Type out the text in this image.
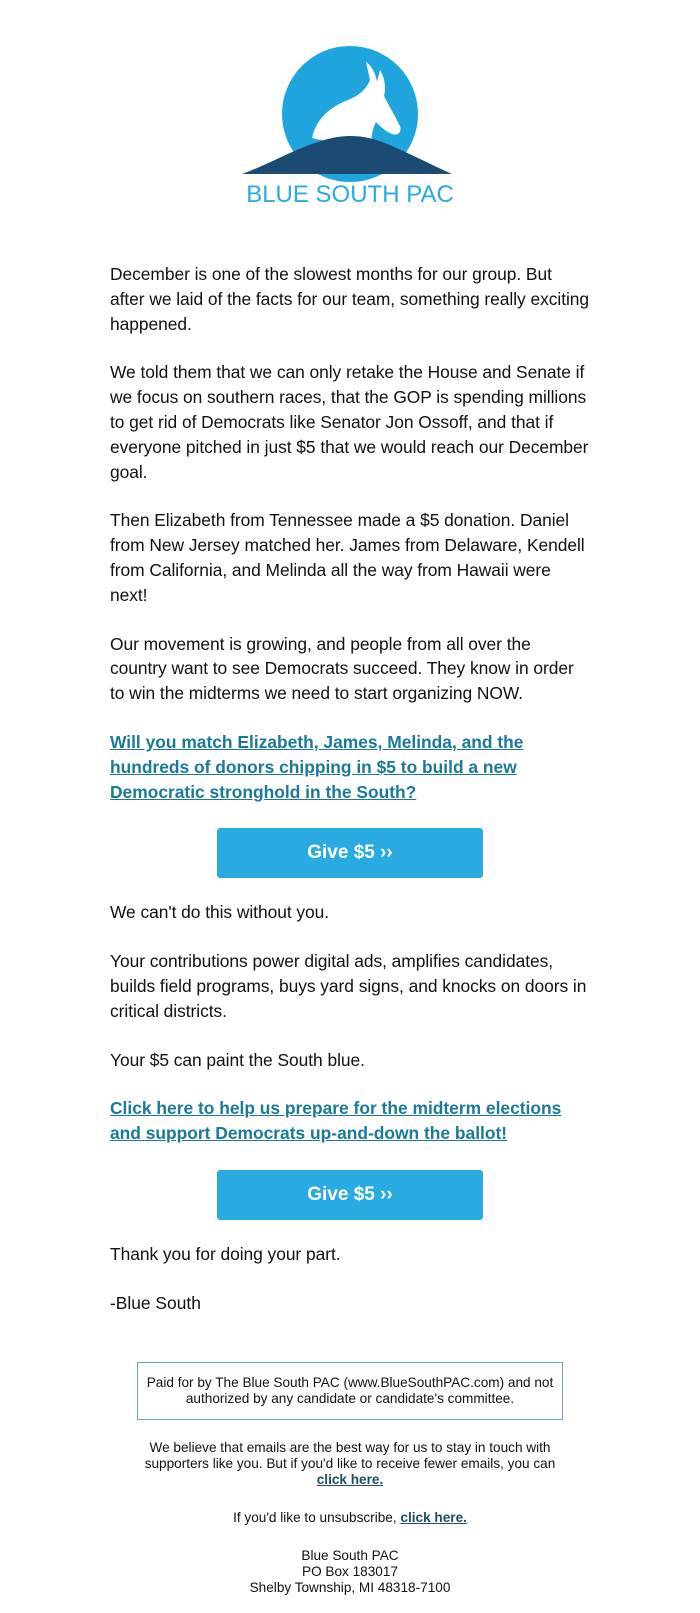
BLUE SOUTH PAC

December is one of the slowest months for our group. But after we laid of the facts for our team, something really exciting happened.

We told them that we can only retake the House and Senate if we focus on southern races, that the GOP is spending millions to get rid of Democrats like Senator Jon Ossoff, and that if everyone pitched in just $5 that we would reach our December goal.

Then Elizabeth from Tennessee made a $5 donation. Daniel from New Jersey matched her. James from Delaware, Kendell from California, and Melinda all the way from Hawaii were next!

Our movement is growing, and people from all over the country want to see Democrats succeed. They know in order to win the midterms we need to start organizing NOW.

Will you match Elizabeth, James, Melinda, and the hundreds of donors chipping in $5 to build a new Democratic stronghold in the South?

Give $5 ››

We can't do this without you.

Your contributions power digital ads, amplifies candidates, builds field programs, buys yard signs, and knocks on doors in critical districts.

Your $5 can paint the South blue.

Click here to help us prepare for the midterm elections and support Democrats up-and-down the ballot!

Give $5 ››

Thank you for doing your part.

-Blue South

Paid for by The Blue South PAC (www.BlueSouthPAC.com) and not authorized by any candidate or candidate's committee.

We believe that emails are the best way for us to stay in touch with supporters like you. But if you'd like to receive fewer emails, you can click here.

If you'd like to unsubscribe, click here.

Blue South PAC
PO Box 183017
Shelby Township, MI 48318-7100
